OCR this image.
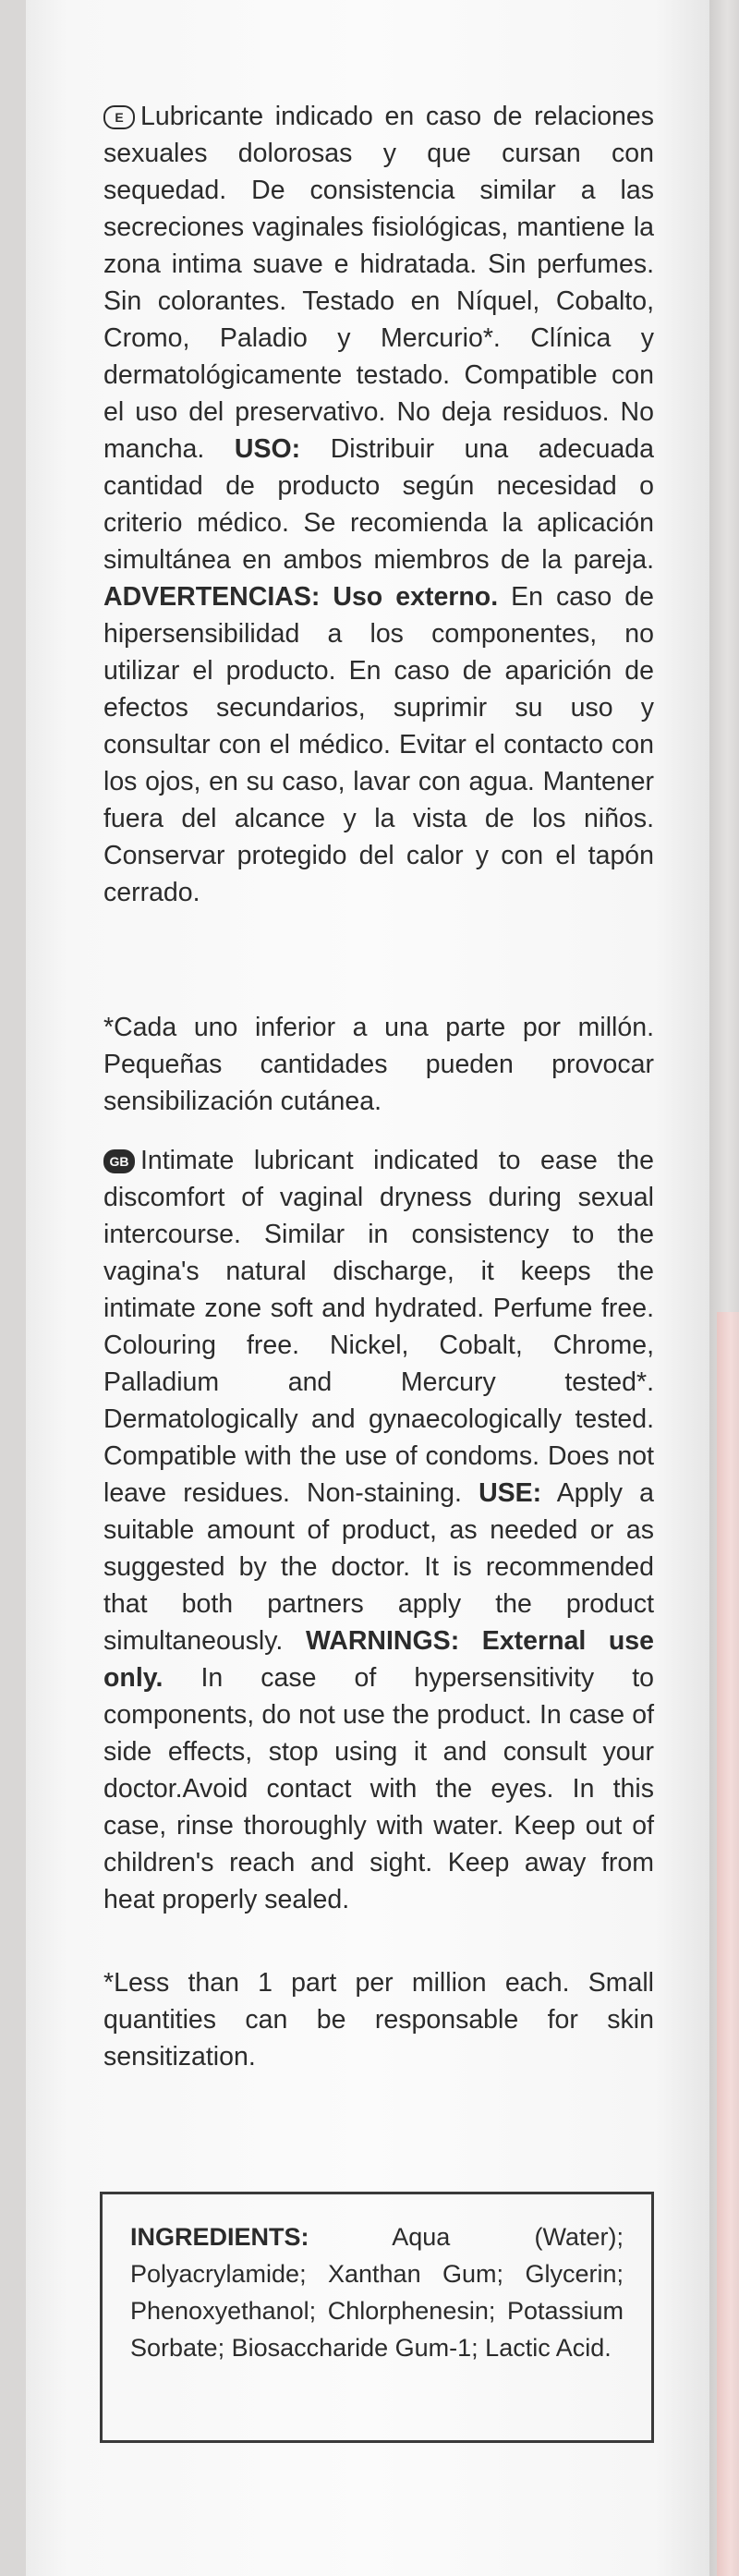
E Lubricante indicado en caso de relaciones sexuales dolorosas y que cursan con sequedad. De consistencia similar a las secreciones vaginales fisiológicas, mantiene la zona intima suave e hidratada. Sin perfumes. Sin colorantes. Testado en Níquel, Cobalto, Cromo, Paladio y Mercurio*. Clínica y dermatológicamente testado. Compatible con el uso del preservativo. No deja residuos. No mancha. USO: Distribuir una adecuada cantidad de producto según necesidad o criterio médico. Se recomienda la aplicación simultánea en ambos miembros de la pareja. ADVERTENCIAS: Uso externo. En caso de hipersensibilidad a los componentes, no utilizar el producto. En caso de aparición de efectos secundarios, suprimir su uso y consultar con el médico. Evitar el contacto con los ojos, en su caso, lavar con agua. Mantener fuera del alcance y la vista de los niños. Conservar protegido del calor y con el tapón cerrado.
*Cada uno inferior a una parte por millón. Pequeñas cantidades pueden provocar sensibilización cutánea.
GB Intimate lubricant indicated to ease the discomfort of vaginal dryness during sexual intercourse. Similar in consistency to the vagina's natural discharge, it keeps the intimate zone soft and hydrated. Perfume free. Colouring free. Nickel, Cobalt, Chrome, Palladium and Mercury tested*. Dermatologically and gynaecologically tested. Compatible with the use of condoms. Does not leave residues. Non-staining. USE: Apply a suitable amount of product, as needed or as suggested by the doctor. It is recommended that both partners apply the product simultaneously. WARNINGS: External use only. In case of hypersensitivity to components, do not use the product. In case of side effects, stop using it and consult your doctor.Avoid contact with the eyes. In this case, rinse thoroughly with water. Keep out of children's reach and sight. Keep away from heat properly sealed.
*Less than 1 part per million each. Small quantities can be responsable for skin sensitization.

INGREDIENTS:	Aqua (Water); Polyacrylamide; Xanthan Gum; Glycerin; Phenoxyethanol; Chlorphenesin; Potassium Sorbate; Biosaccharide Gum-1; Lactic Acid.
